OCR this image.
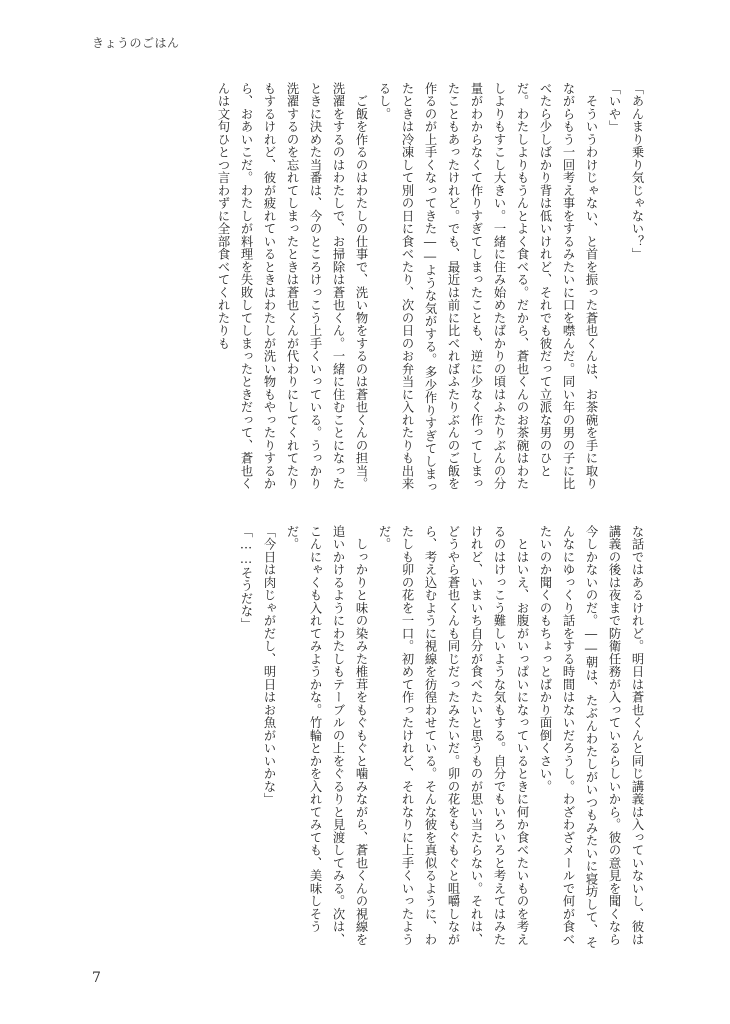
きょうのごはん

「あんまり乗り気じゃない？」

「いや」

　そういうわけじゃない、と首を振った蒼也くんは、お茶碗を手に取りながらもう一回考え事をするみたいに口を噤んだ。同い年の男の子に比べたら少しばかり背は低いけれど、それでも彼だって立派な男のひとだ。わたしよりもうんとよく食べる。だから、蒼也くんのお茶碗はわたしよりもすこし大きい。一緒に住み始めたばかりの頃はふたりぶんの分量がわからなくて作りすぎてしまったことも、逆に少なく作ってしまったこともあったけれど。でも、最近は前に比べればふたりぶんのご飯を作るのが上手くなってきた――ような気がする。多少作りすぎてしまったときは冷凍して別の日に食べたり、次の日のお弁当に入れたりも出来るし。

　ご飯を作るのはわたしの仕事で、洗い物をするのは蒼也くんの担当。洗濯をするのはわたしで、お掃除は蒼也くん。一緒に住むことになったときに決めた当番は、今のところけっこう上手くいっている。うっかり洗濯するのを忘れてしまったときは蒼也くんが代わりにしてくれてたりもするけれど、彼が疲れているときはわたしが洗い物もやったりするから、おあいこだ。わたしが料理を失敗してしまったときだって、蒼也くんは文句ひとつ言わずに全部食べてくれたりも

な話ではあるけれど。明日は蒼也くんと同じ講義は入っていないし、彼は講義の後は夜まで防衛任務が入っているらしいから。彼の意見を聞くなら今しかないのだ。――朝は、たぶんわたしがいつもみたいに寝坊して、そんなにゆっくり話をする時間はないだろうし。わざわざメールで何が食べたいのか聞くのもちょっとばかり面倒くさい。

　とはいえ、お腹がいっぱいになっているときに何か食べたいものを考えるのはけっこう難しいような気もする。自分でもいろいろと考えてはみたけれど、いまいち自分が食べたいと思うものが思い当たらない。それは、どうやら蒼也くんも同じだったみたいだ。卯の花をもぐもぐと咀嚼しながら、考え込むように視線を彷徨わせている。そんな彼を真似るように、わたしも卯の花を一口。初めて作ったけれど、それなりに上手くいったようだ。

　しっかりと味の染みた椎茸をもぐもぐと噛みながら、蒼也くんの視線を追いかけるようにわたしもテーブルの上をぐるりと見渡してみる。次は、こんにゃくも入れてみようかな。竹輪とかを入れてみても、美味しそうだ。

「今日は肉じゃがだし、明日はお魚がいいかな」

「……そうだな」

7
